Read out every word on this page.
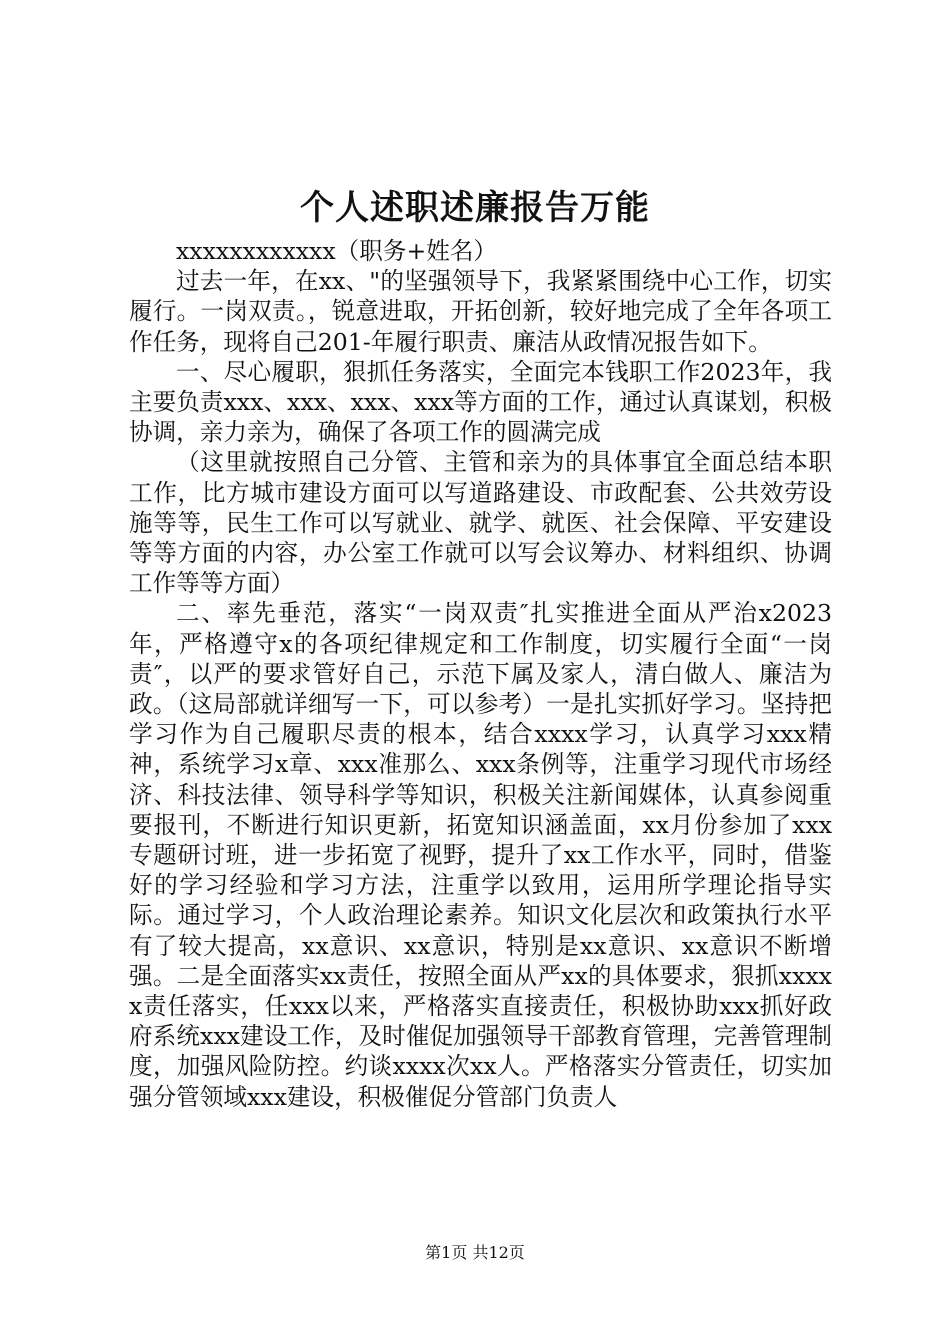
个人述职述廉报告万能

xxxxxxxxxxxx（职务+姓名）

过去一年，在xx、"的坚强领导下，我紧紧围绕中心工作，切实履行。一岗双责。，锐意进取，开拓创新，较好地完成了全年各项工作任务，现将自己201-年履行职责、廉洁从政情况报告如下。

一、尽心履职，狠抓任务落实，全面完本钱职工作2023年，我主要负责xxx、xxx、xxx、xxx等方面的工作，通过认真谋划，积极协调，亲力亲为，确保了各项工作的圆满完成

（这里就按照自己分管、主管和亲为的具体事宜全面总结本职工作，比方城市建设方面可以写道路建设、市政配套、公共效劳设施等等，民生工作可以写就业、就学、就医、社会保障、平安建设等等方面的内容，办公室工作就可以写会议筹办、材料组织、协调工作等等方面）

二、率先垂范，落实“一岗双责″扎实推进全面从严治x2023年，严格遵守x的各项纪律规定和工作制度，切实履行全面“一岗责″，以严的要求管好自己，示范下属及家人，清白做人、廉洁为政。（这局部就详细写一下，可以参考）一是扎实抓好学习。坚持把学习作为自己履职尽责的根本，结合xxxx学习，认真学习xxx精神，系统学习x章、xxx准那么、xxx条例等，注重学习现代市场经济、科技法律、领导科学等知识，积极关注新闻媒体，认真参阅重要报刊，不断进行知识更新，拓宽知识涵盖面，xx月份参加了xxx专题研讨班，进一步拓宽了视野，提升了xx工作水平，同时，借鉴好的学习经验和学习方法，注重学以致用，运用所学理论指导实际。通过学习，个人政治理论素养。知识文化层次和政策执行水平有了较大提高，xx意识、xx意识，特别是xx意识、xx意识不断增强。二是全面落实xx责任，按照全面从严xx的具体要求，狠抓xxxxx责任落实，任xxx以来，严格落实直接责任，积极协助xxx抓好政府系统xxx建设工作，及时催促加强领导干部教育管理，完善管理制度，加强风险防控。约谈xxxx次xx人。严格落实分管责任，切实加强分管领域xxx建设，积极催促分管部门负责人

第1页 共12页
